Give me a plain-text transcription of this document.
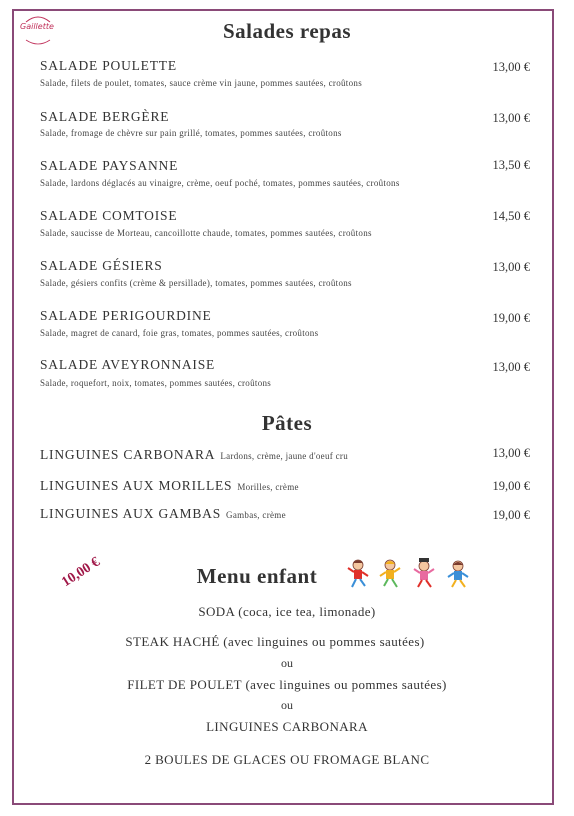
Gaillette	Salades repas
SALADE POULETTE
Salade, filets de poulet, tomates, sauce crème vin jaune, pommes sautées, croûtons
13,00 €
SALADE BERGÈRE
Salade, fromage de chèvre sur pain grillé, tomates, pommes sautées, croûtons
13,00 €
SALADE PAYSANNE
Salade, lardons déglacés au vinaigre, crème, oeuf poché, tomates, pommes sautées, croûtons
13,50 €
SALADE COMTOISE
Salade, saucisse de Morteau, cancoillotte chaude, tomates, pommes sautées, croûtons
14,50 €
SALADE GÉSIERS
Salade, gésiers confits (crème & persillade), tomates, pommes sautées, croûtons
13,00 €
SALADE PERIGOURDINE
Salade, magret de canard, foie gras, tomates, pommes sautées, croûtons
19,00 €
SALADE AVEYRONNAISE
Salade, roquefort, noix, tomates, pommes sautées, croûtons
13,00 €
Pâtes
LINGUINES CARBONARA Lardons, crème, jaune d'oeuf cru	13,00 €
LINGUINES AUX MORILLES Morilles, crème	19,00 €
LINGUINES AUX GAMBAS Gambas, crème	19,00 €
10,00 €	Menu enfant
SODA (coca, ice tea, limonade)
STEAK HACHÉ (avec linguines ou pommes sautées)
ou
FILET DE POULET (avec linguines ou pommes sautées)
ou
LINGUINES CARBONARA
2 BOULES DE GLACES OU FROMAGE BLANC
